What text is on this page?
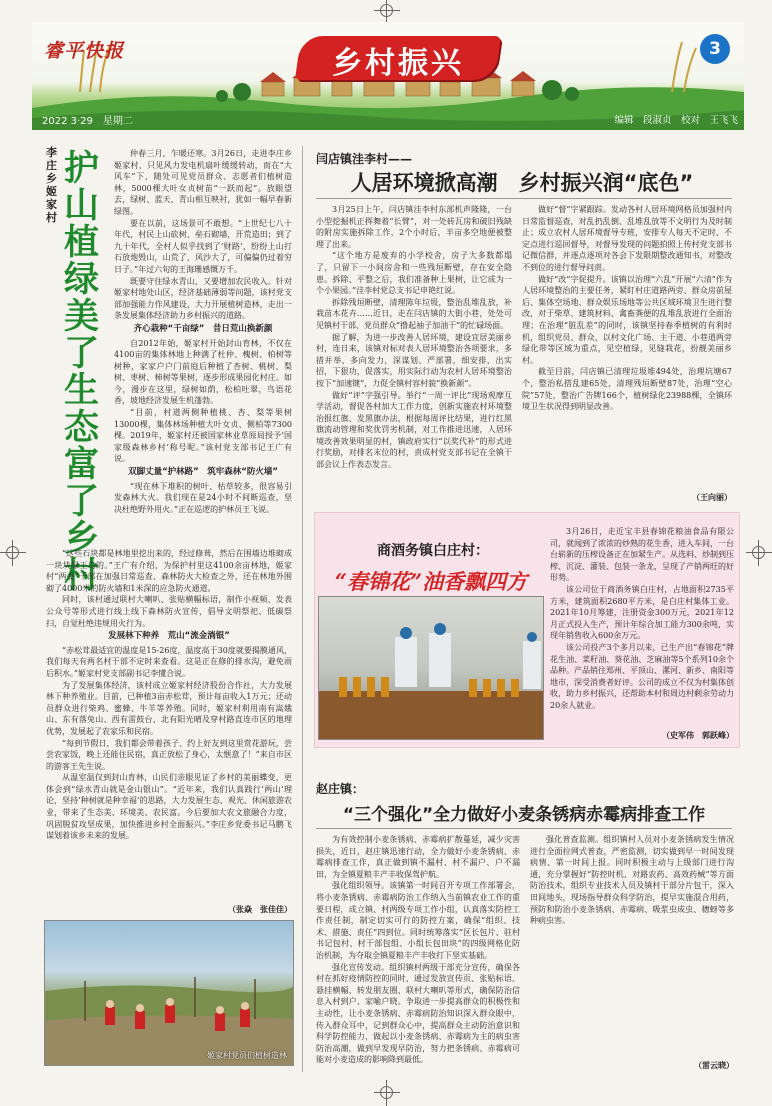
睿平快报	乡村振兴	3
2022 3·29　星期二	编辑　段淑贞　校对　王飞飞
李庄乡姬家村
护山植绿　美了生态　富了乡村

仲春三月，乍暖还寒。3月26日，走进李庄乡姬家村，只见风力发电机扇叶缓缓转动，而在“大风车”下，随处可见党员群众、志愿者们植树造林，5000棵大叶女贞树苗“一跃而起”。放眼望去，绿树、蓝天、青山相互映衬，犹如一幅早春新绿图。

要在以前，这场景可不敢想。“上世纪七八十年代，村民上山砍树、垒石砌墙，开荒造田；到了九十年代，全村人似乎找到了‘财路’，纷纷上山打石放炮毁山，山荒了，风沙大了，可偏偏仍过着穷日子。”年过六旬的王海珊感慨万千。

既要守住绿水青山，又要增加农民收入。针对姬家村地处山区，经济基础薄弱等问题，该村党支部加强能力作风建设，大力开展植树造林，走出一条发展集体经济助力乡村振兴的道路。

齐心栽种“千亩绿”　昔日荒山换新颜

自2012年始，姬家村开始封山育林，不仅在4100亩的集体林地上种满了杜仲、槐树、柏树等树种，家家户户门前庭后种植了杏树、桃树、梨树、枣树、柿树等果树，逐步形成果园化村庄。如今，漫步在这里，绿树如荫，松柏吐翠，鸟语花香，坡地经济发展生机蓬勃。

“目前，村道两侧种植桃、杏、梨等果树13000棵，集体林场种植大叶女贞、侧柏等7300棵。2019年，姬家村还被国家林业草原局授予‘国家级森林乡村’称号呢。”该村党支部书记王广有说。

双脚丈量“护林路”　筑牢森林“防火墙”

“现在林下堆积的树叶、枯草较多，很容易引发森林大火。我们现在是24小时不间断巡查，坚决杜绝野外用火。”正在巡逻的护林员王飞说。

“这些石块都是林地里挖出来的，经过修葺，然后在围墙边堆砌成一块块绿王岛的。”王广有介绍，为保护村里这4100余亩林地，姬家村“两委”干部在加强日常巡查、森林防火大检查之外，还在林地外围砌了4000米的防火墙和1米深的应急防火通道。

同时，该村通过联村大喇叭、张贴横幅标语，制作小视频、发表公众号等形式进行线上线下森林防火宣传，倡导文明祭祀、低碳祭扫，自觉杜绝违规用火行为。

发展林下种养　荒山“流金淌银”

“赤松茸最适宜的温度是15-26度，温度高于30度就要揭膜通风，我们每天有两名村干部不定时来查看。这是正在修的排水沟，避免雨后积水。”姬家村党支部副书记李懂合说。

为了发展集体经济，该村成立姬家村经济股份合作社，大力发展林下种养殖业。目前，已种植3亩赤松茸，预计每亩收入1万元；还动员群众进行柴鸡、蜜蜂、牛羊等养殖。同时，姬家村利用南有嵩娥山、东有落兔山、西有雷鼓台、北有阳光晴及穿村路直连市区的地理优势，发展起了农家乐和民宿。

“每到节假日，我们都会带着孩子、约上好友到这里赏花游玩，尝尝农家饭，晚上还能住民宿，真正放松了身心，太惬意了！”来自市区的游客王先生说。

从温室温仅到封山育林，山民们亲眼见证了乡村的美丽蝶变，更体会到“绿水青山就是金山银山”。“近年来，我们认真践行‘两山’理论，坚持‘种树就是种幸福’的思路，大力发展生态、观光、休闲旅游农业，带来了生态美、环境美、农民富。今后要加大农文旅融合力度，巩固脱贫攻坚成果，加快推进乡村全面振兴。”李庄乡党委书记马鹏飞谋划着该乡未来的发展。

（张焱　张佳佳）
姬家村党员们植树造林
闫店镇洼李村——
人居环境掀高潮　乡村振兴润“底色”

3月25日上午，闫店镇洼李村东部机声隆隆，一台小型挖掘机正挥舞着“长臂”，对一处砖瓦房和破旧残缺的附房实施拆除工作，2个小时后，半亩多空地便被整理了出来。

“这个地方是废弃的小学校舍，房子大多数都塌了，只留下一小间房舍和一些残垣断壁，存在安全隐患。拆除、平整之后，我们准备种上果树，让它成为一个小果园。”洼李村党总支书记申艳红说。

拆除残垣断壁，清理陈年垃圾，整治乱堆乱放，补栽苗木花卉……近日，走在闫店镇的大街小巷，处处可见镇村干部、党员群众“撸起袖子加油干”的忙碌场面。

据了解，为进一步改善人居环境，建设宜居美丽乡村，连日来，该镇对标对表人居环境整治各项要求，多措并举、多向发力，深谋划、严部署，细安排，出实招，下狠功，促落实，用实际行动为农村人居环境整治按下“加速键”，力促全镇村容村貌“换新颜”。

做好“评”字强引导。举行“一周一评比”现场观摩互学活动，督促各村加大工作力度，创新实施农村环境整治报红旗、发黑旗办法，根据每周评比结果，进行红黑旗流动管理和奖优罚劣机制，对工作推进迅速，人居环境改善效果明显的村，镇政府实行“以奖代补”的形式进行奖励，对排名末位的村，责成村党支部书记在全镇干部会议上作表态发言。

做好“督”字紧跟踪。发动各村人居环境网格员加强村内日常监督巡查，对乱扔乱倒、乱堆乱放等不文明行为及时制止；成立农村人居环境督导专班，安排专人每天不定时、不定点进行巡回督导，对督导发现的问题拍照上传村党支部书记微信群，并逐点逐项对各会下发限期整改通知书，对整改不到位的进行督导问责。

做好“改”字促提升。该镇以治理“六乱”开展“六清”作为人居环境整治的主要任务，紧盯村庄道路两旁、群众房前屋后、集体空场地、群众娱乐场地等公共区域环境卫生进行整改，对于柴草、建筑材料、禽畜粪便的乱堆乱放进行全面治理；在治理“脏乱差”的同时，该镇坚持春季植树的有利时机，组织党员、群众，以村文化广场、主干道、小巷道两旁绿化带等区域为重点，见空植绿，见缝栽花，扮靓美丽乡村。

截至目前，闫店镇已清理垃圾堆494处，治理坑塘67个，整治私搭乱建65处，清理残垣断壁87处，治理“空心院”57处，整治广告牌166个，植树绿化23988棵，全镇环境卫生状况得到明显改善。

（王向丽）
商酒务镇白庄村：
“春锦花”油香飘四方

3月26日，走近宝丰县春锦花粮油食品有限公司，就闻到了浓浓的炒熟的花生香，进入车间，一台台崭新的压榨设备正在加紧生产。从选料、炒制到压榨、沉淀、灌装、包装一条龙，呈现了产销两旺的好形势。

该公司位于商酒务镇白庄村，占地面积2735平方米，建筑面积2680平方米，是白庄村集体工业。2021年10月筹建，注册资金300万元，2021年12月正式投入生产，预计年综合加工能力300余吨，实现年销售收入600余万元。

该公司投产3个多月以来，已生产出“春锦花”牌花生油、菜籽油、葵花油、芝麻油等5个系列10余个品种。产品销往郑州、平顶山、漯河、新乡、南阳等地市，深受消费者好评。公司的成立不仅为村集体创收，助力乡村振兴，还帮助本村和周边村剩余劳动力20余人就业。

（史军伟　郭跃峰）
赵庄镇：
“三个强化”全力做好小麦条锈病赤霉病排查工作

为有效控制小麦条锈病、赤霉病扩散蔓延，减少灾害损失，近日，赵庄镇迅速行动，全力做好小麦条锈病、赤霉病排查工作，真正做到镇不漏村、村不漏户、户不漏田，为全镇夏粮丰产丰收保驾护航。

强化组织领导。该镇第一时间召开专项工作部署会，将小麦条锈病、赤霉病防治工作纳入当前镇农业工作的重要日程，成立镇、村两级专项工作小组，认真落实防控工作责任制，制定切实可行的防控方案，确保“组织、技术、措施、责任”四到位。同时统筹落实“区长包片、驻村书记包村、村干部包组、小组长包田块”的四级网格化防治机制，为夺取全镇夏粮丰产丰收打下坚实基础。

强化宣传发动。组织镇村两级干部充分宣传，确保各村在抓好疫情防控的同时，通过发放宣传页、张贴标语、悬挂横幅、转发朋友圈、联村大喇叭等形式，确保防治信息入村到户、家喻户晓。争取进一步提高群众的积极性和主动性，让小麦条锈病、赤霉病防治知识深入群众眼中，传入群众耳中，记到群众心中，提高群众主动防治意识和科学防控能力，做起以小麦条锈病、赤霉病为主的病虫害防治高潮，做到早发现早防治，努力把条锈病、赤霉病可能对小麦造成的影响降到最低。

强化普查监测。组织镇村人员对小麦条锈病发生情况进行全面拉网式普查，严密监测，切实做到早一时间发现病情、第一时间上报。同时积极主动与上级部门进行沟通，充分掌握好“防控时机、对路农药、高效药械”等方面防治技术，组织专业技术人员及镇村干部分片包干，深入田间地头，现场指导群众科学防治，提早实施混合用药，预防和防治小麦条锈病、赤霉病、吸浆虫成虫、穗蚜等多种病虫害。

（雷云晓）
